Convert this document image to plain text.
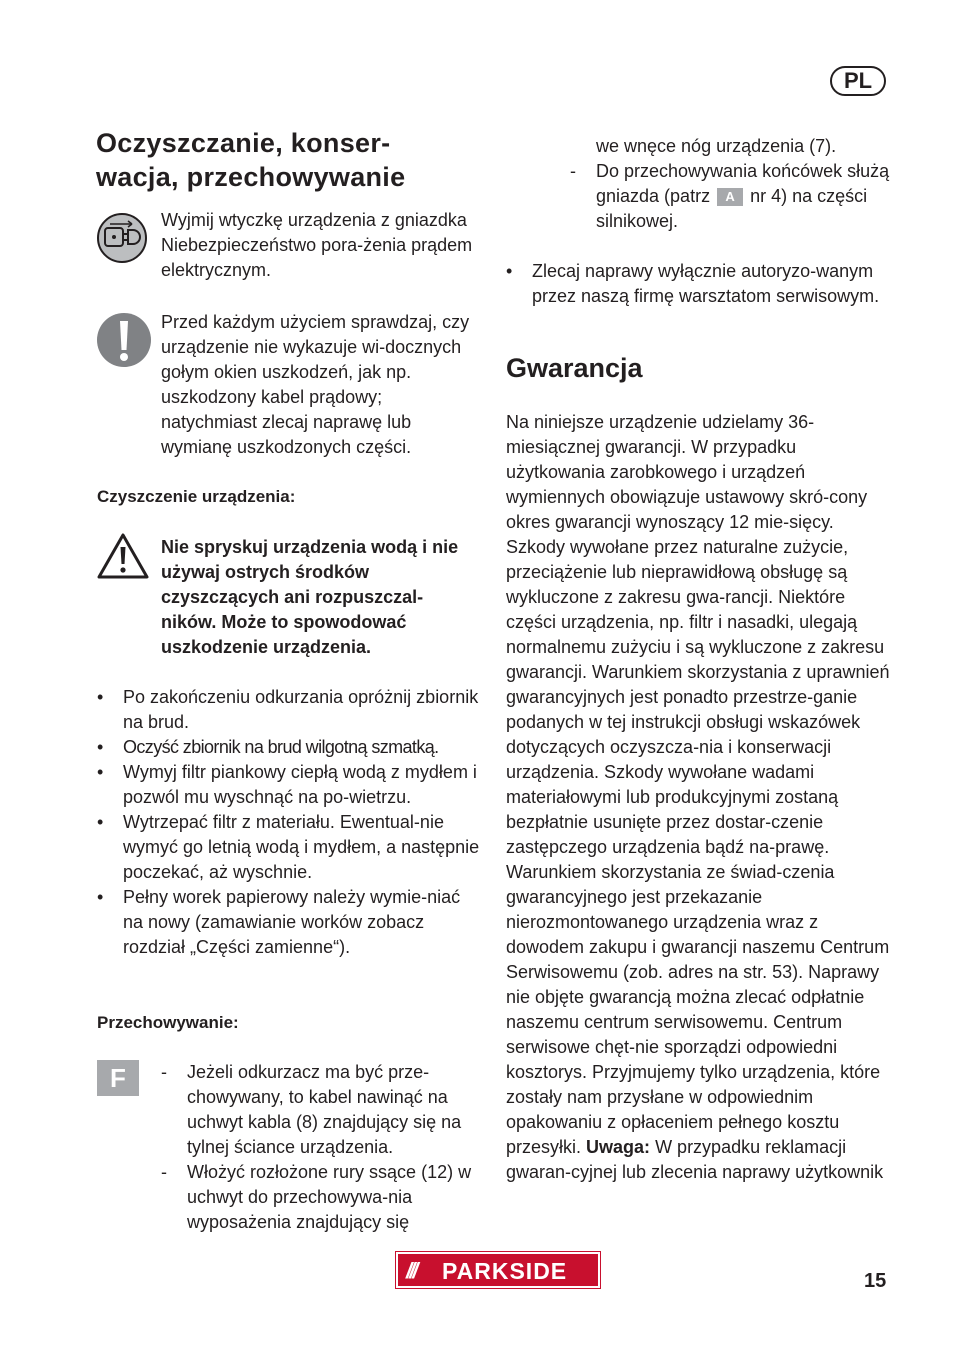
PL
Oczyszczanie, konser-
wacja, przechowywanie
Wyjmij wtyczkę urządzenia z gniazdka Niebezpieczeństwo pora-żenia prądem elektrycznym.
Przed każdym użyciem sprawdzaj, czy urządzenie nie wykazuje wi-docznych gołym okien uszkodzeń, jak np. uszkodzony kabel prądowy; natychmiast zlecaj naprawę lub wymianę uszkodzonych części.
Czyszczenie urządzenia:
Nie spryskuj urządzenia wodą i nie używaj ostrych środków czyszczących ani rozpuszczal-ników. Może to spowodować uszkodzenie urządzenia.
• Po zakończeniu odkurzania opróżnij zbiornik na brud.
• Oczyść zbiornik na brud wilgotną szmatką.
• Wymyj filtr piankowy ciepłą wodą z mydłem i pozwól mu wyschnąć na po-wietrzu.
• Wytrzepać filtr z materiału. Ewentual-nie wymyć go letnią wodą i mydłem, a następnie poczekać, aż wyschnie.
• Pełny worek papierowy należy wymie-niać na nowy (zamawianie worków zobacz rozdział „Części zamienne“).
Przechowywanie:
F	- Jeżeli odkurzacz ma być prze-chowywany, to kabel nawinąć na uchwyt kabla (8) znajdujący się na tylnej ściance urządzenia.
- Włożyć rozłożone rury ssące (12) w uchwyt do przechowywa-nia wyposażenia znajdujący się
we wnęce nóg urządzenia (7).
- Do przechowywania końcówek służą gniazda (patrz A nr 4) na części silnikowej.
• Zlecaj naprawy wyłącznie autoryzo-wanym przez naszą firmę warsztatom serwisowym.
Gwarancja
Na niniejsze urządzenie udzielamy 36-miesiącznej gwarancji. W przypadku użytkowania zarobkowego i urządzeń wymiennych obowiązuje ustawowy skró-cony okres gwarancji wynoszący 12 mie-sięcy. Szkody wywołane przez naturalne zużycie, przeciążenie lub nieprawidłową obsługę są wykluczone z zakresu gwa-rancji. Niektóre części urządzenia, np. filtr i nasadki, ulegają normalnemu zużyciu i są wykluczone z zakresu gwarancji. Warunkiem skorzystania z uprawnień gwarancyjnych jest ponadto przestrze-ganie podanych w tej instrukcji obsługi wskazówek dotyczących oczyszcza-nia i konserwacji urządzenia. Szkody wywołane wadami materiałowymi lub produkcyjnymi zostaną bezpłatnie usunięte przez dostar-czenie zastępczego urządzenia bądź na-prawę. Warunkiem skorzystania ze świad-czenia gwarancyjnego jest przekazanie nierozmontowanego urządzenia wraz z dowodem zakupu i gwarancji naszemu Centrum Serwisowemu (zob. adres na str. 53). Naprawy nie objęte gwarancją można zlecać odpłatnie naszemu centrum serwisowemu. Centrum serwisowe chęt-nie sporządzi odpowiedni kosztorys. Przyjmujemy tylko urządzenia, które zostały nam przysłane w odpowiednim opakowaniu z opłaceniem pełnego kosztu przesyłki. Uwaga: W przypadku reklamacji gwaran-cyjnej lub zlecenia naprawy użytkownik
/// PARKSIDE	15
